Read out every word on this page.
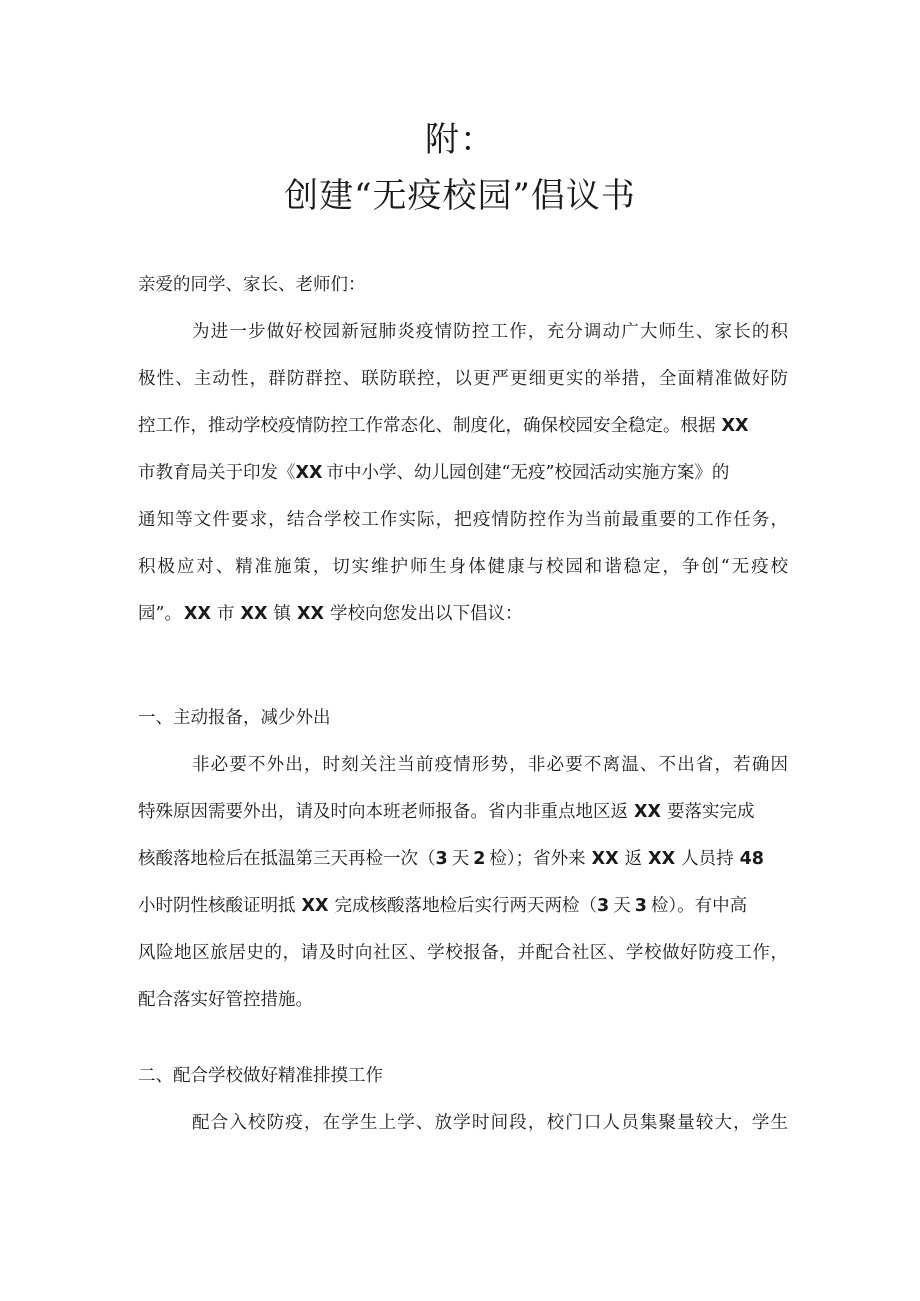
附：
创建“无疫校园”倡议书
亲爱的同学、家长、老师们：
为进一步做好校园新冠肺炎疫情防控工作，充分调动广大师生、家长的积
极性、主动性，群防群控、联防联控，以更严更细更实的举措，全面精准做好防
控工作，推动学校疫情防控工作常态化、制度化，确保校园安全稳定。根据 XX
市教育局关于印发《XX 市中小学、幼儿园创建“无疫”校园活动实施方案》的
通知等文件要求，结合学校工作实际，把疫情防控作为当前最重要的工作任务，
积极应对、精准施策，切实维护师生身体健康与校园和谐稳定，争创“无疫校
园”。 XX 市 XX 镇 XX 学校向您发出以下倡议：
一、主动报备，减少外出
非必要不外出，时刻关注当前疫情形势，非必要不离温、不出省，若确因
特殊原因需要外出，请及时向本班老师报备。省内非重点地区返 XX 要落实完成
核酸落地检后在抵温第三天再检一次（3 天 2 检）；省外来 XX 返 XX 人员持 48
小时阴性核酸证明抵 XX 完成核酸落地检后实行两天两检（3 天 3 检）。有中高
风险地区旅居史的，请及时向社区、学校报备，并配合社区、学校做好防疫工作，
配合落实好管控措施。
二、配合学校做好精准排摸工作
配合入校防疫，在学生上学、放学时间段，校门口人员集聚量较大，学生
